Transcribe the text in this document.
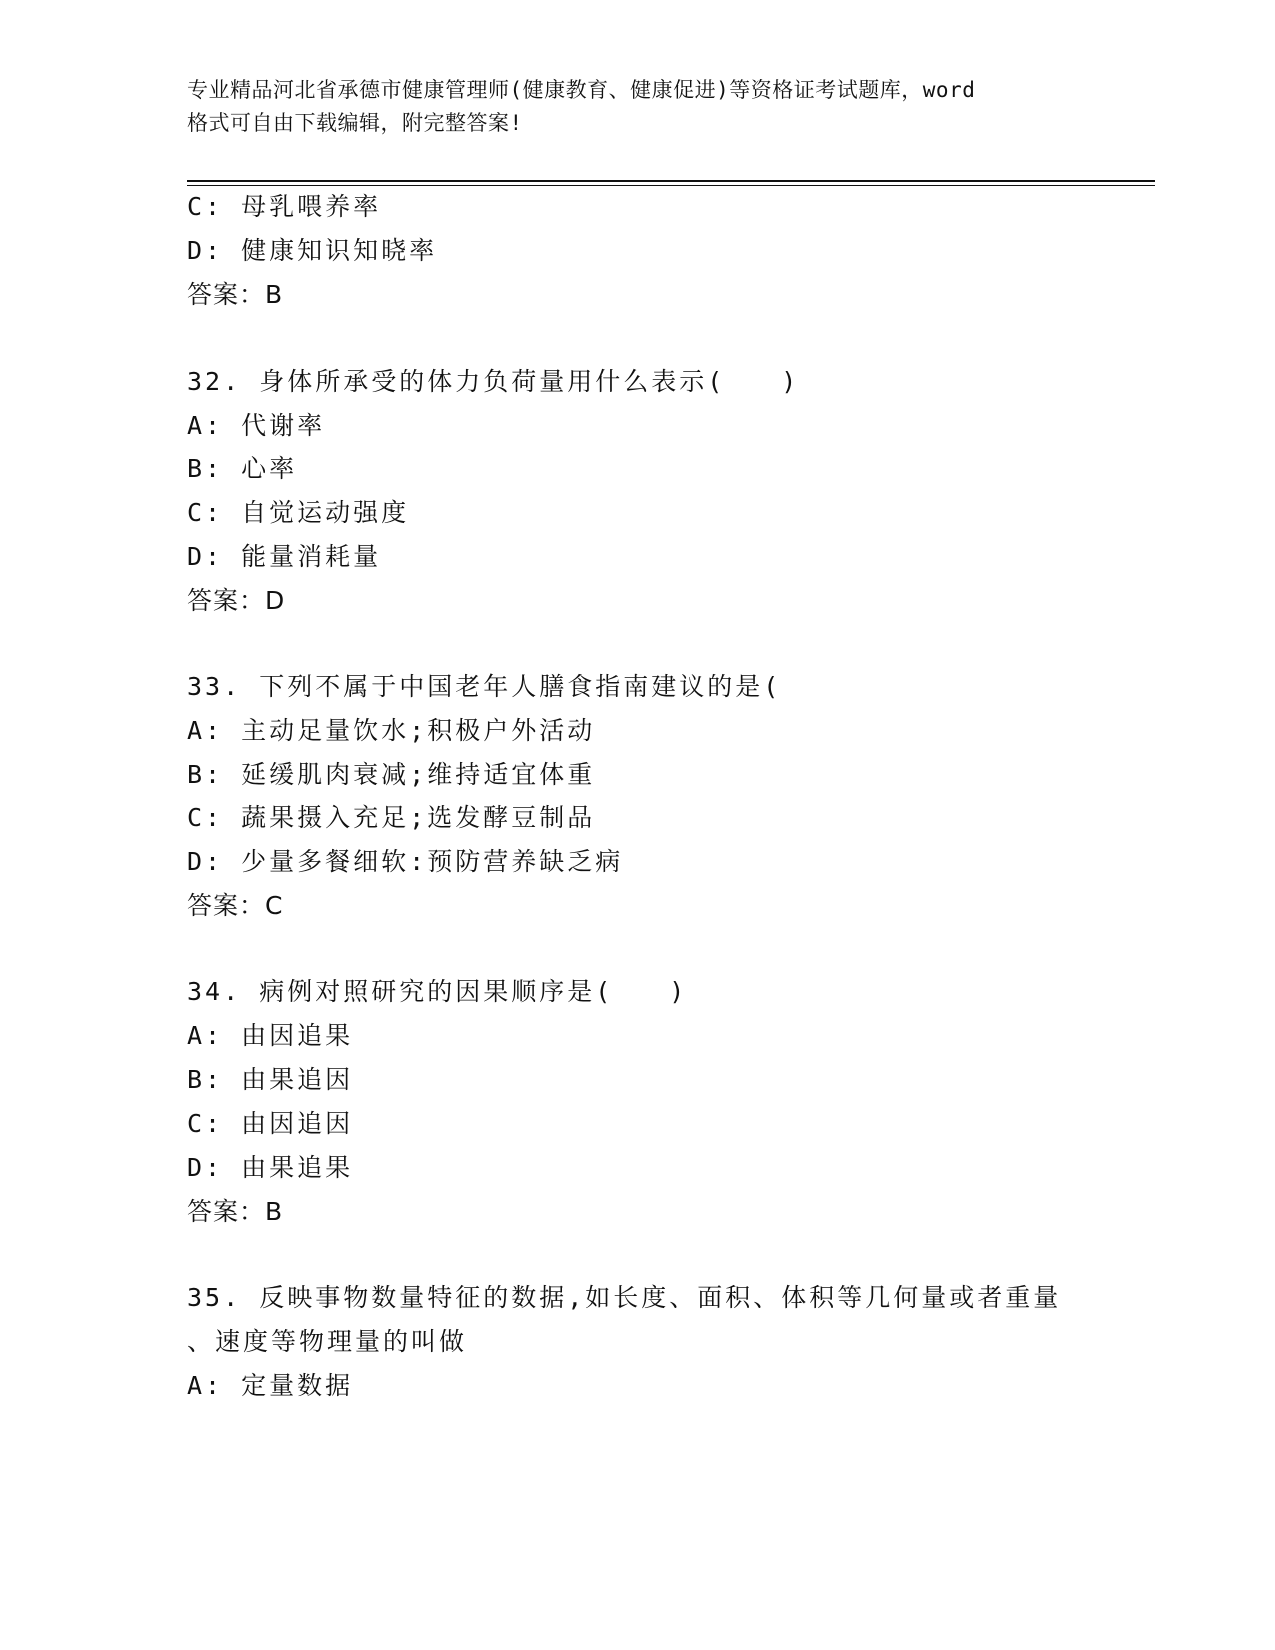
专业精品河北省承德市健康管理师(健康教育、健康促进)等资格证考试题库，word
格式可自由下载编辑，附完整答案!
C: 母乳喂养率
D: 健康知识知晓率
答案：B
32. 身体所承受的体力负荷量用什么表示(　　)
A: 代谢率
B: 心率
C: 自觉运动强度
D: 能量消耗量
答案：D
33. 下列不属于中国老年人膳食指南建议的是(
A: 主动足量饮水;积极户外活动
B: 延缓肌肉衰减;维持适宜体重
C: 蔬果摄入充足;选发酵豆制品
D: 少量多餐细软:预防营养缺乏病
答案：C
34. 病例对照研究的因果顺序是(　　)
A: 由因追果
B: 由果追因
C: 由因追因
D: 由果追果
答案：B
35. 反映事物数量特征的数据,如长度、面积、体积等几何量或者重量
、速度等物理量的叫做
A: 定量数据
